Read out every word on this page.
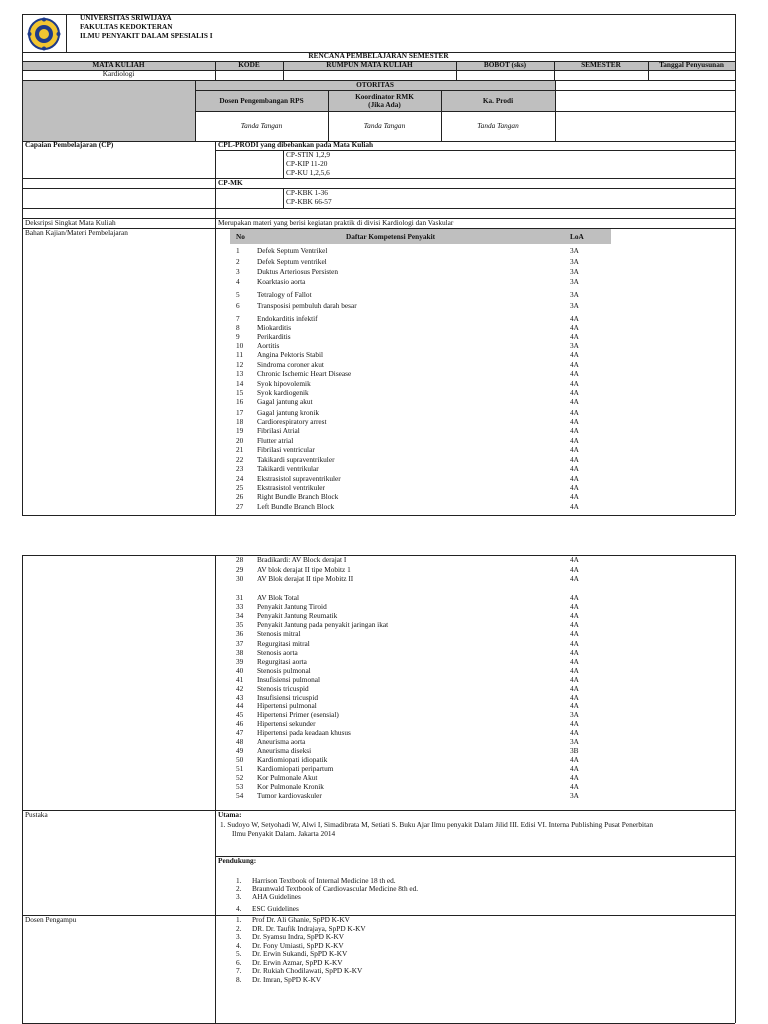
UNIVERSITAS SRIWIJAYA
FAKULTAS KEDOKTERAN
ILMU PENYAKIT DALAM SPESIALIS I
RENCANA PEMBELAJARAN SEMESTER
MATA KULIAH	KODE	RUMPUN MATA KULIAH	BOBOT (sks)	SEMESTER	Tanggal Penyusunan
Kardiologi
OTORITAS
Dosen Pengembangan RPS	Koordinator RMK
(Jika Ada)	Ka. Prodi
Tanda Tangan	Tanda Tangan	Tanda Tangan
Capaian Pembelajaran (CP)	CPL-PRODI yang dibebankan pada Mata Kuliah
CP-STIN 1,2,9
CP-KIP 11-20
CP-KU 1,2,5,6
CP-MK
CP-KBK 1-36
CP-KBK 66-57
Deksripsi Singkat Mata Kuliah	Merupakan materi yang berisi kegiatan praktik di divisi Kardiologi dan Vaskular
Bahan Kajian/Materi Pembelajaran	No	Daftar Kompetensi Penyakit	LoA
1 Defek Septum Ventrikel	3A
2 Defek Septum ventrikel	3A
3 Duktus Arteriosus Persisten	3A
4 Koarktasio aorta	3A
5 Tetralogy of Fallot	3A
6 Transposisi pembuluh darah besar	3A
7 Endokarditis infektif	4A
8 Miokarditis	4A
9 Perikarditis	4A
10 Aortitis	3A
11 Angina Pektoris Stabil	4A
12 Sindroma coroner akut	4A
13 Chronic Ischemic Heart Disease	4A
14 Syok hipovolemik	4A
15 Syok kardiogenik	4A
16 Gagal jantung akut	4A
17 Gagal jantung kronik	4A
18 Cardiorespiratory arrest	4A
19 Fibrilasi Atrial	4A
20 Flutter atrial	4A
21 Fibrilasi ventricular	4A
22 Takikardi supraventrikuler	4A
23 Takikardi ventrikular	4A
24 Ekstrasistol supraventrikuler	4A
25 Ekstrasistol ventrikuler	4A
26 Right Bundle Branch Block	4A
27 Left Bundle Branch Block	4A
28 Bradikardi: AV Block derajat I	4A
29 AV blok derajat II tipe Mobitz 1	4A
30 AV Blok derajat II tipe Mobitz II	4A
31 AV Blok Total	4A
33 Penyakit Jantung Tiroid	4A
34 Penyakit Jantung Reumatik	4A
35 Penyakit Jantung pada penyakit jaringan ikat	4A
36 Stenosis mitral	4A
37 Regurgitasi mitral	4A
38 Stenosis aorta	4A
39 Regurgitasi aorta	4A
40 Stenosis pulmonal	4A
41 Insufisiensi pulmonal	4A
42 Stenosis tricuspid	4A
43 Insufisiensi tricuspid	4A
44 Hipertensi pulmonal	4A
45 Hipertensi Primer (esensial)	3A
46 Hipertensi sekunder	4A
47 Hipertensi pada keadaan khusus	4A
48 Aneurisma aorta	3A
49 Aneurisma diseksi	3B
50 Kardiomiopati idiopatik	4A
51 Kardiomiopati peripartum	4A
52 Kor Pulmonale Akut	4A
53 Kor Pulmonale Kronik	4A
54 Tumor kardiovaskuler	3A
Pustaka	Utama:
1. Sudoyo W, Setyohadi W, Alwi I, Simadibrata M, Setiati S. Buku Ajar Ilmu penyakit Dalam Jilid III. Edisi VI. Interna Publishing Pusat Penerbitan
Ilmu Penyakit Dalam. Jakarta 2014
Pendukung:
1. Harrison Textbook of Internal Medicine 18 th ed.
2. Braunwald Textbook of Cardiovascular Medicine 8th ed.
3. AHA Guidelines
4. ESC Guidelines
Dosen Pengampu	1. Prof Dr. Ali Ghanie, SpPD K-KV
2. DR. Dr. Taufik Indrajaya, SpPD K-KV
3. Dr. Syamsu Indra, SpPD K-KV
4. Dr. Fony Umiasti, SpPD K-KV
5. Dr. Erwin Sukandi, SpPD K-KV
6. Dr. Erwin Azmar, SpPD K-KV
7. Dr. Rukiah Chodilawati, SpPD K-KV
8. Dr. Imran, SpPD K-KV
